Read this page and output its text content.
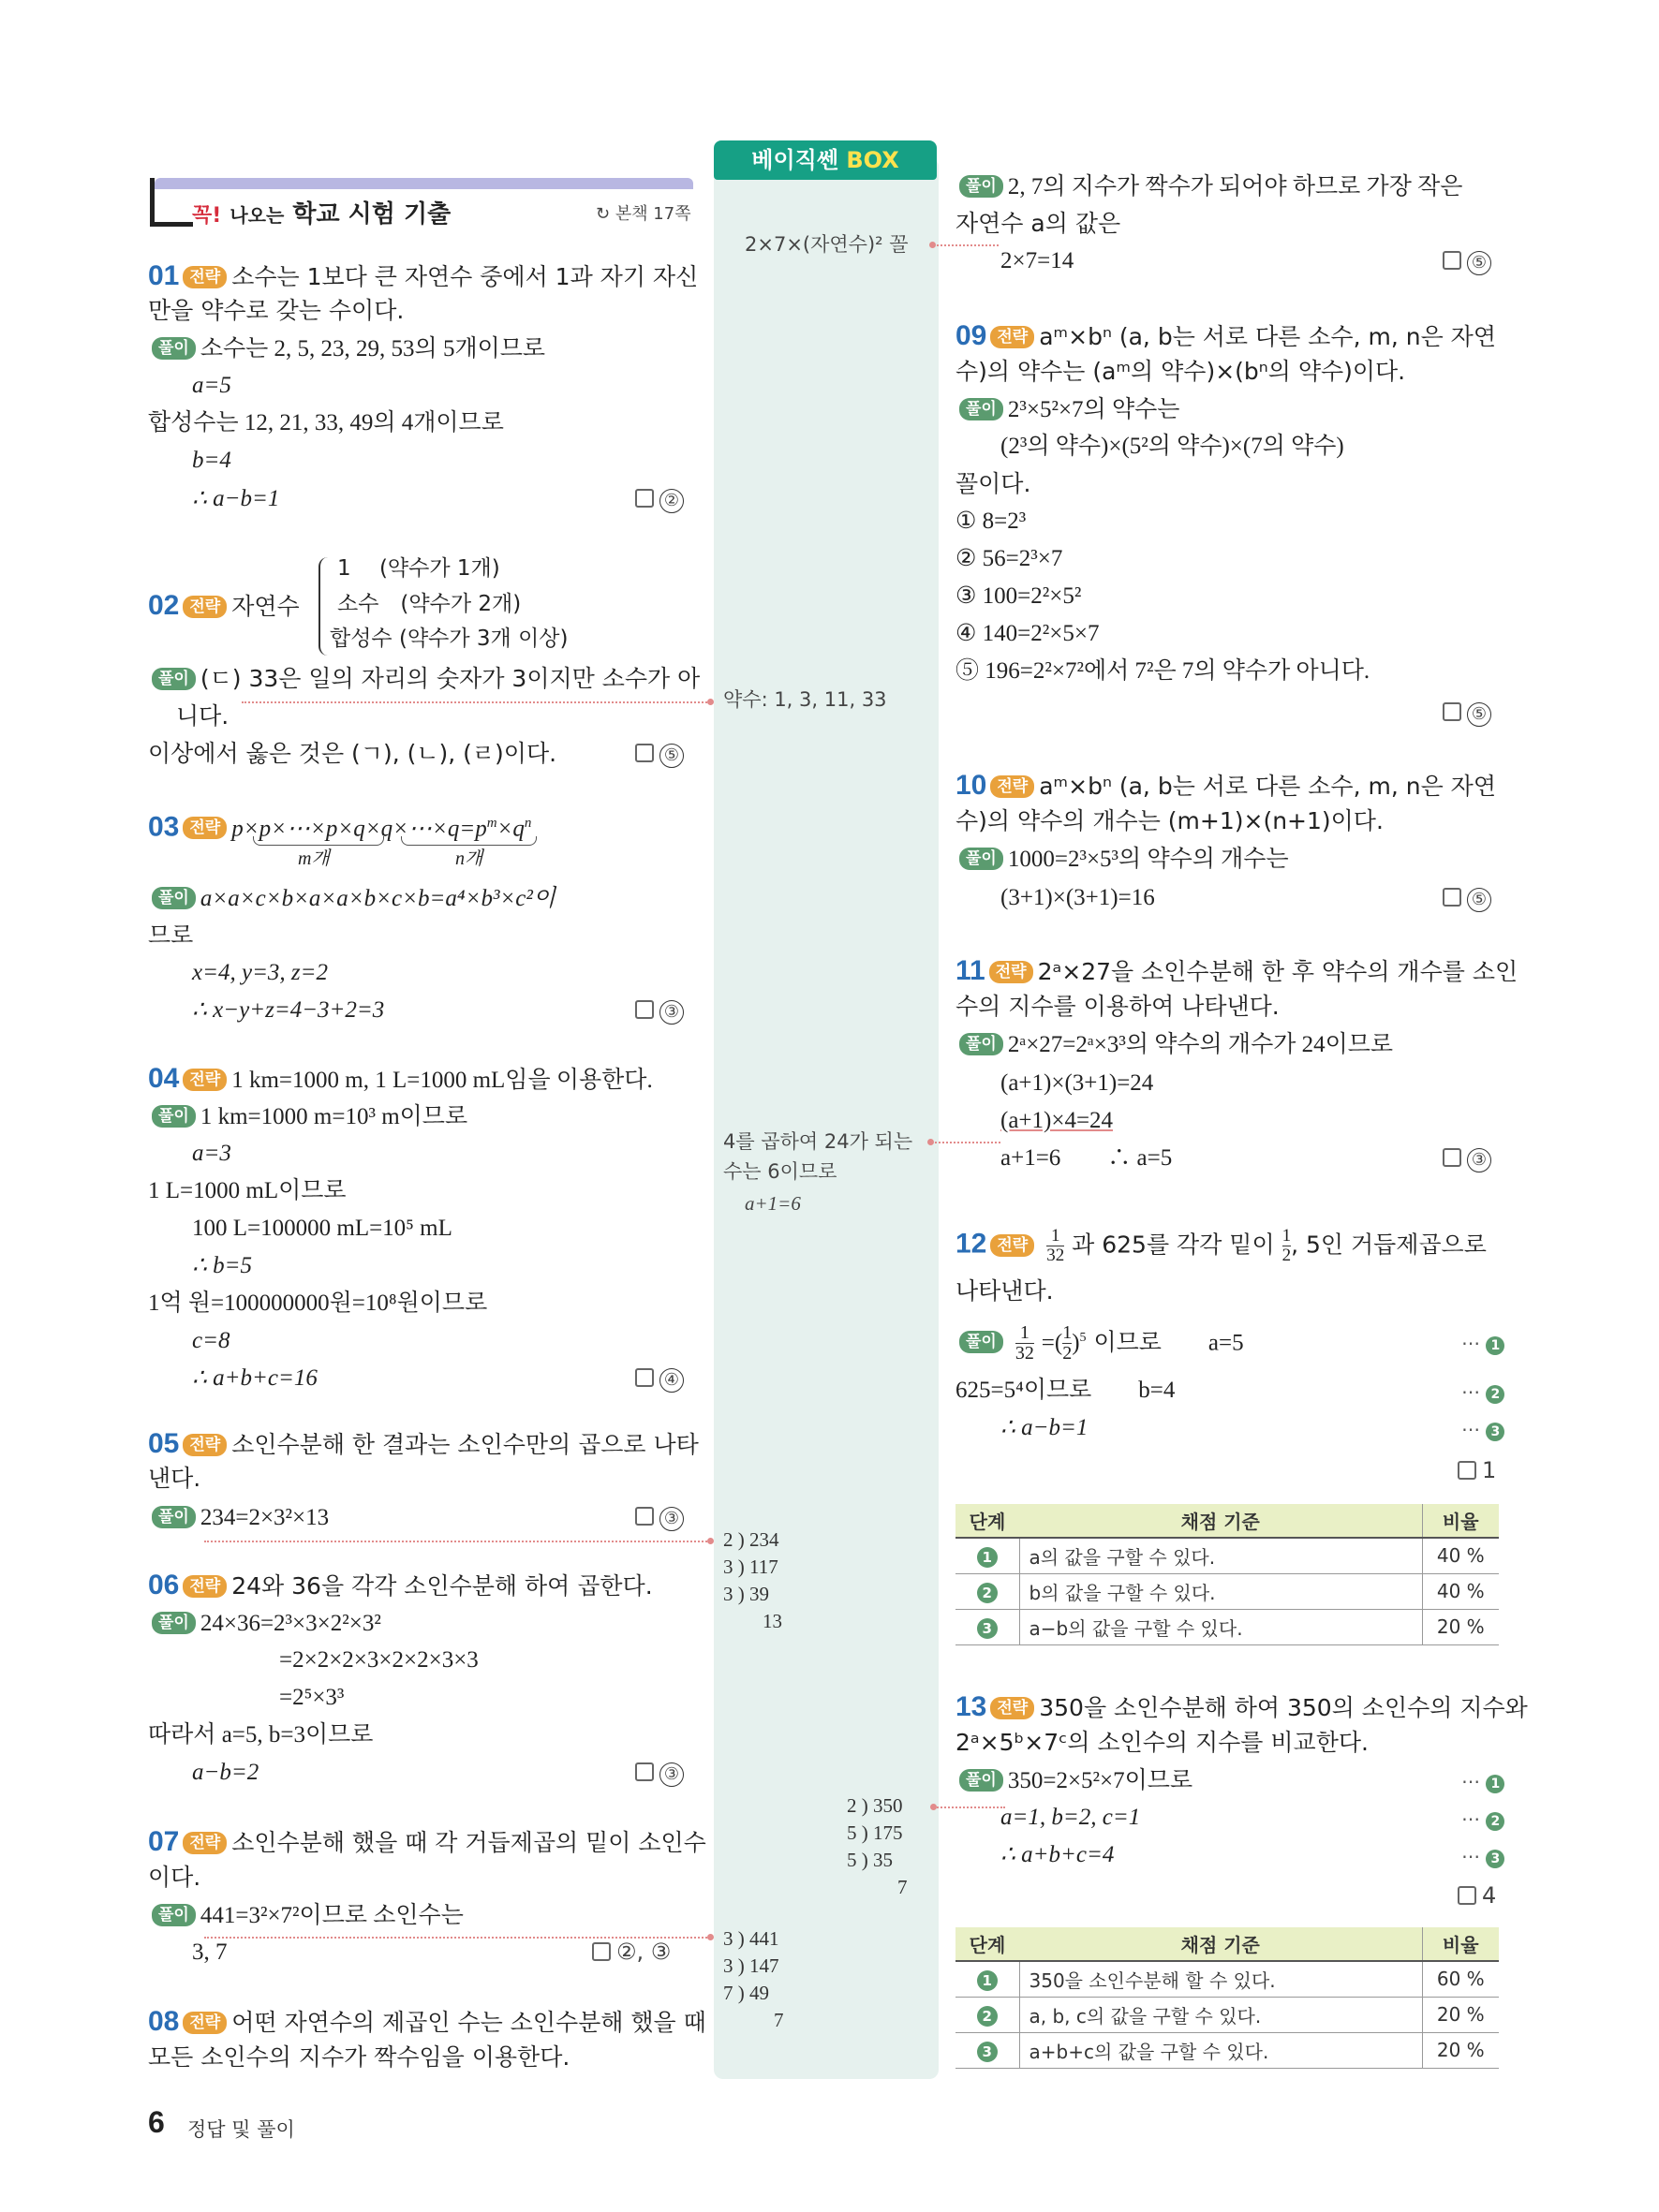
베이직쎈 BOX
꼭! 나오는 학교 시험 기출	↻ 본책 17쪽
01 전략 소수는 1보다 큰 자연수 중에서 1과 자기 자신
만을 약수로 갖는 수이다.
풀이 소수는 2, 5, 23, 29, 53의 5개이므로
a=5
합성수는 12, 21, 33, 49의 4개이므로
b=4
∴ a−b=1	②
02 전략 자연수
1　 (약수가 1개)
소수　(약수가 2개)
합성수 (약수가 3개 이상)
풀이 (ㄷ) 33은 일의 자리의 숫자가 3이지만 소수가 아
니다.
이상에서 옳은 것은 (ㄱ), (ㄴ), (ㄹ)이다.	⑤
03 전략 $p\times p\times\cdots\times p\times q\times q\times\cdots\times q=p^m\times q^n$
m개	n개
풀이 a×a×c×b×a×a×b×c×b=a⁴×b³×c²이
므로
x=4, y=3, z=2
∴ x−y+z=4−3+2=3	③
04 전략 1 km=1000 m, 1 L=1000 mL임을 이용한다.
풀이 1 km=1000 m=10³ m이므로
a=3
1 L=1000 mL이므로
100 L=100000 mL=10⁵ mL
∴ b=5
1억 원=100000000원=10⁸원이므로
c=8
∴ a+b+c=16	④
05 전략 소인수분해 한 결과는 소인수만의 곱으로 나타
낸다.
풀이 234=2×3²×13	③
06 전략 24와 36을 각각 소인수분해 하여 곱한다.
풀이 24×36=2³×3×2²×3²
=2×2×2×3×2×2×3×3
=2⁵×3³
따라서 a=5, b=3이므로
a−b=2	③
07 전략 소인수분해 했을 때 각 거듭제곱의 밑이 소인수
이다.
풀이 441=3²×7²이므로 소인수는
3, 7	②, ③
08 전략 어떤 자연수의 제곱인 수는 소인수분해 했을 때
모든 소인수의 지수가 짝수임을 이용한다.
2×7×(자연수)² 꼴
약수: 1, 3, 11, 33
4를 곱하여 24가 되는
수는 6이므로
a+1=6
2 ) 234
3 ) 117
3 ) 39
13
2 ) 350
5 ) 175
5 ) 35
7
3 ) 441
3 ) 147
7 ) 49
7
풀이 2, 7의 지수가 짝수가 되어야 하므로 가장 작은
자연수 a의 값은
2×7=14	⑤
09 전략 aᵐ×bⁿ (a, b는 서로 다른 소수, m, n은 자연
수)의 약수는 (aᵐ의 약수)×(bⁿ의 약수)이다.
풀이 2³×5²×7의 약수는
(2³의 약수)×(5²의 약수)×(7의 약수)
꼴이다.
① 8=2³
② 56=2³×7
③ 100=2²×5²
④ 140=2²×5×7
⑤ 196=2²×7²에서 7²은 7의 약수가 아니다.
⑤
10 전략 aᵐ×bⁿ (a, b는 서로 다른 소수, m, n은 자연
수)의 약수의 개수는 (m+1)×(n+1)이다.
풀이 1000=2³×5³의 약수의 개수는
(3+1)×(3+1)=16	⑤
11 전략 2ᵃ×27을 소인수분해 한 후 약수의 개수를 소인
수의 지수를 이용하여 나타낸다.
풀이 2ᵃ×27=2ᵃ×3³의 약수의 개수가 24이므로
(a+1)×(3+1)=24
(a+1)×4=24
a+1=6　　∴ a=5	③
12 전략 $\frac{1}{32}$ 과 625를 각각 밑이 $\frac{1}{2}$ , 5인 거듭제곱으로
나타낸다.
풀이 $\frac{1}{32}$ =( $\frac{1}{2} )^5$ 이므로　　a=5	⋯ 1
625=5⁴이므로　　b=4	⋯ 2
∴ a−b=1	⋯ 3
1
단계	채점 기준	비율
1	a의 값을 구할 수 있다.	40 %
2	b의 값을 구할 수 있다.	40 %
3	a−b의 값을 구할 수 있다.	20 %
13 전략 350을 소인수분해 하여 350의 소인수의 지수와
2ᵃ×5ᵇ×7ᶜ의 소인수의 지수를 비교한다.
풀이 350=2×5²×7이므로	⋯ 1
a=1, b=2, c=1	⋯ 2
∴ a+b+c=4	⋯ 3
4
단계	채점 기준	비율
1	350을 소인수분해 할 수 있다.	60 %
2	a, b, c의 값을 구할 수 있다.	20 %
3	a+b+c의 값을 구할 수 있다.	20 %
6 정답 및 풀이
